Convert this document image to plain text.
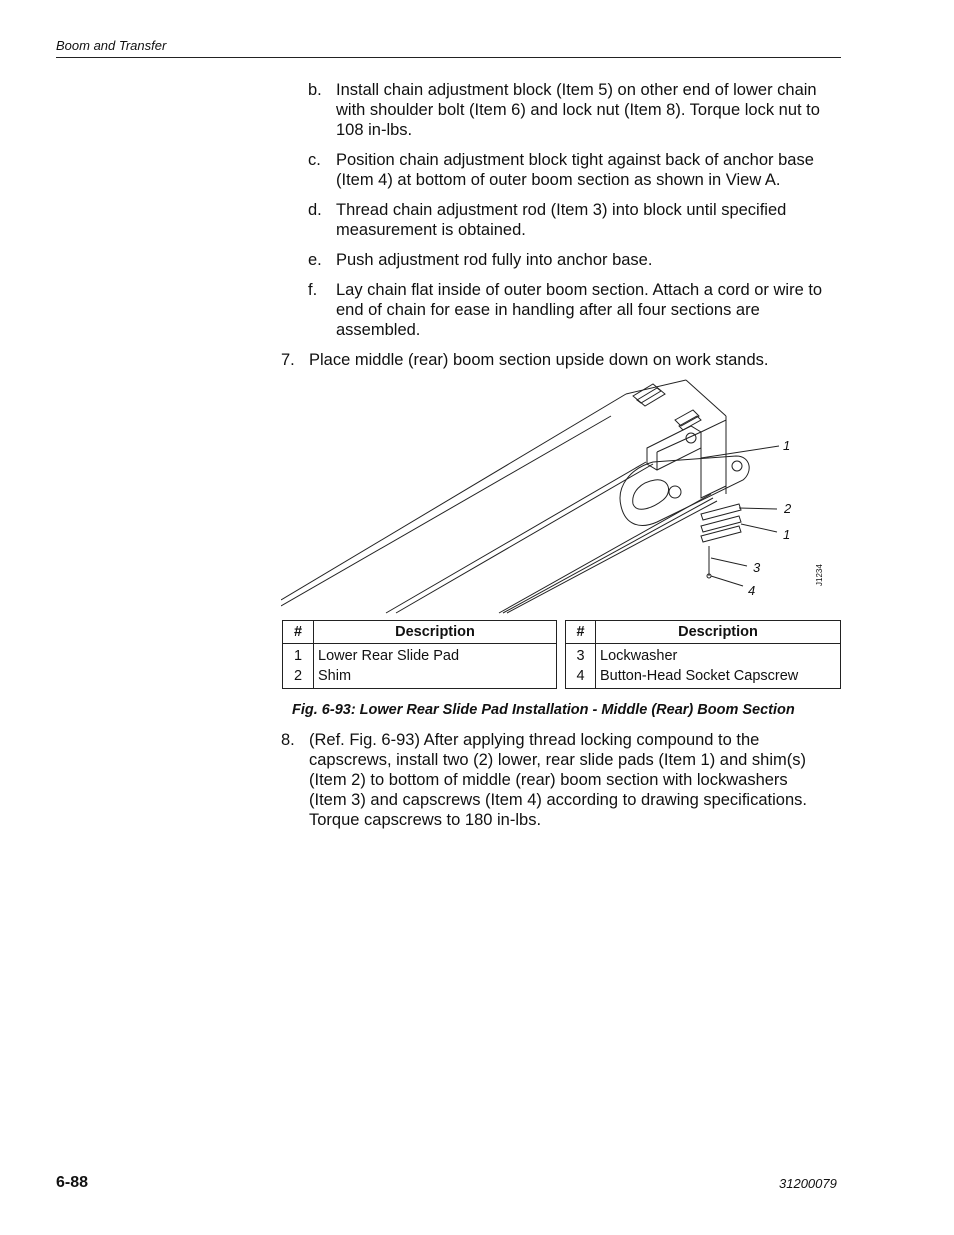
Boom and Transfer
b. Install chain adjustment block (Item 5) on other end of lower chain
with shoulder bolt (Item 6) and lock nut (Item 8). Torque lock nut to
108 in-lbs.
c. Position chain adjustment block tight against back of anchor base
(Item 4) at bottom of outer boom section as shown in View A.
d. Thread chain adjustment rod (Item 3) into block until specified
measurement is obtained.
e. Push adjustment rod fully into anchor base.
f. Lay chain flat inside of outer boom section. Attach a cord or wire to
end of chain for ease in handling after all four sections are
assembled.
7. Place middle (rear) boom section upside down on work stands.
1
2
1
3
4
J1234
#	Description
1	Lower Rear Slide Pad
2	Shim
#	Description
3	Lockwasher
4	Button-Head Socket Capscrew
Fig. 6-93: Lower Rear Slide Pad Installation - Middle (Rear) Boom Section
8. (Ref. Fig. 6-93) After applying thread locking compound to the
capscrews, install two (2) lower, rear slide pads (Item 1) and shim(s)
(Item 2) to bottom of middle (rear) boom section with lockwashers
(Item 3) and capscrews (Item 4) according to drawing specifications.
Torque capscrews to 180 in-lbs.
6-88	31200079
